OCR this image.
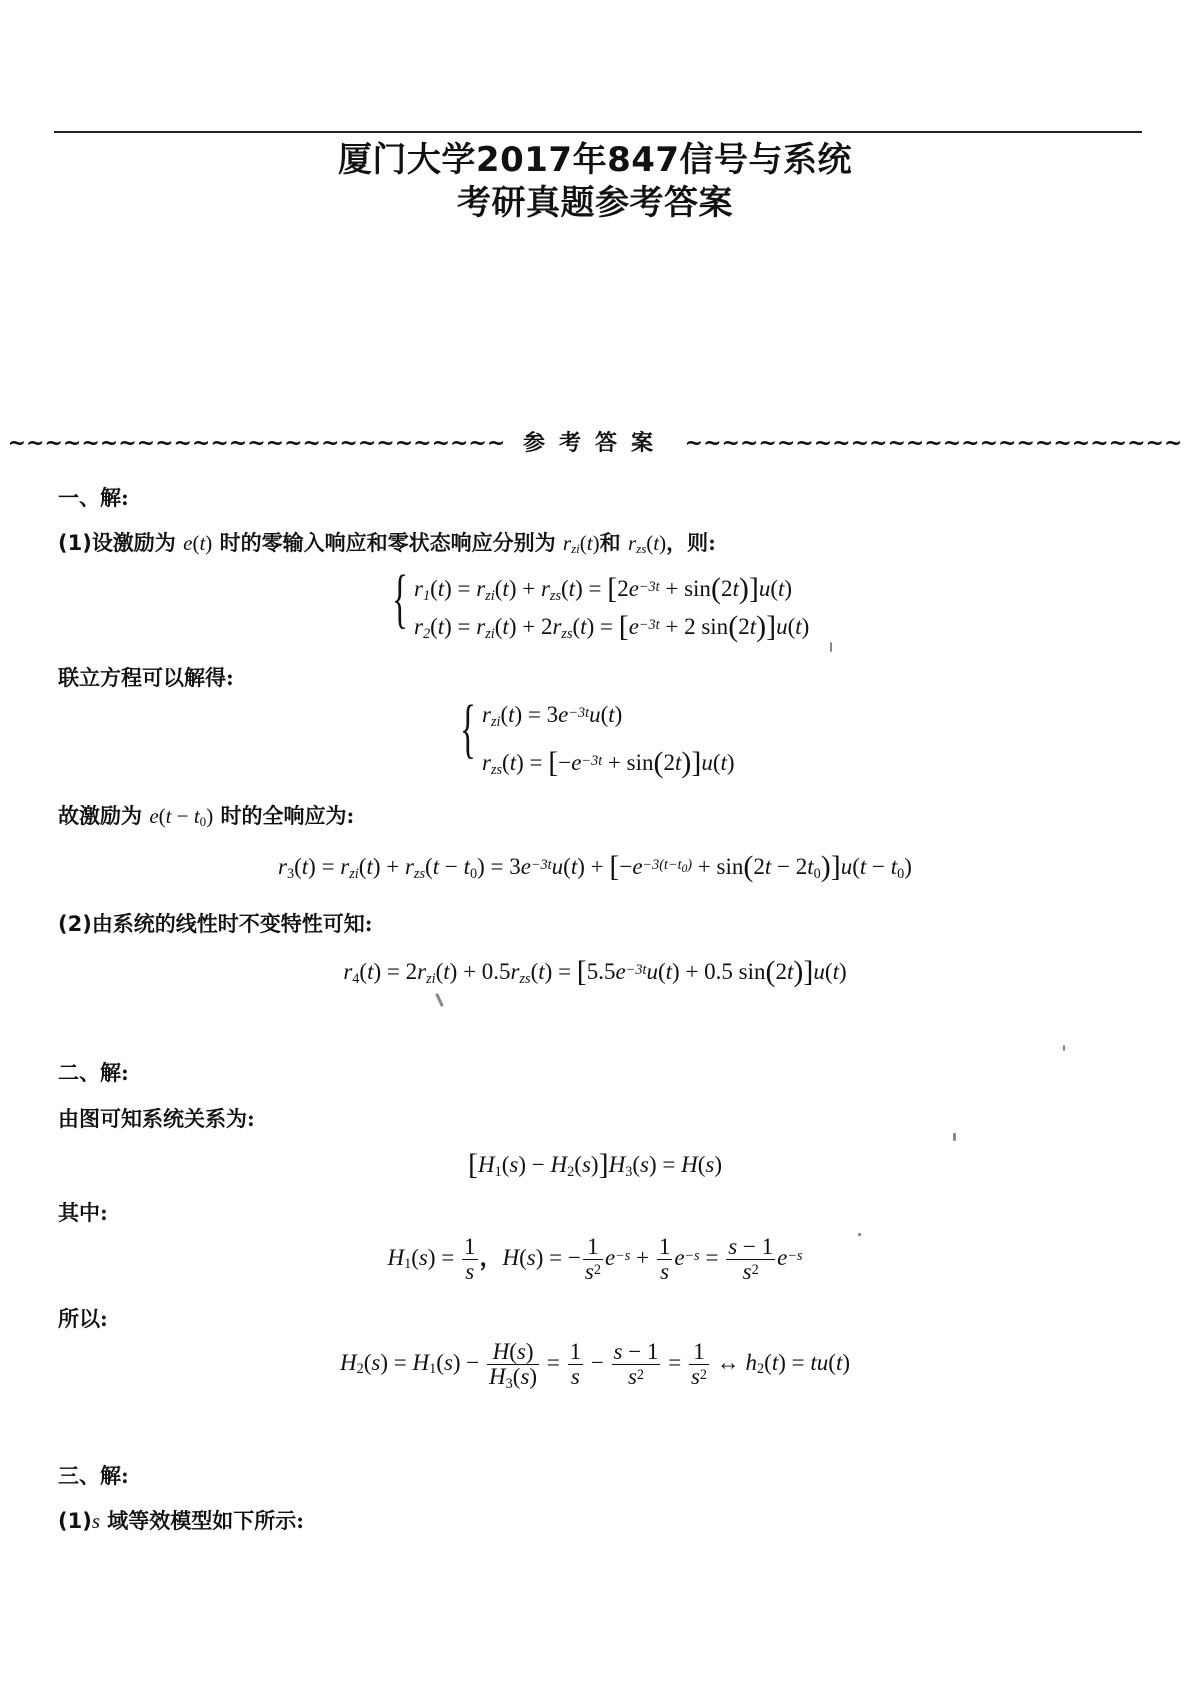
厦门大学2017年847信号与系统
考研真题参考答案
~~~~~~~~~~~~~~~~~~~~~~~~~~~ 参考答案 ~~~~~~~~~~~~~~~~~~~~~~~~~~~
一、解:
(1)设激励为 e(t) 时的零输入响应和零状态响应分别为 $r_{zi}(t)$和 $r_{zs}(t)$，则:
{ $r_1(t) = r_{zi}(t) + r_{zs}(t) = [2e^{-3t} + \sin(2t)]u(t)$
$r_2(t) = r_{zi}(t) + 2r_{zs}(t) = [e^{-3t} + 2$ sin(2t)]u(t)
联立方程可以解得:
{ $r_{zi}(t) = 3e^{-3t}u(t)$
$r_{zs}(t) = [-e^{-3t} + \sin(2t)]u(t)$
故激励为 $e(t - t_0)$ 时的全响应为:
$r_3(t) = r_{zi}(t) + r_{zs}(t - t_0) = 3e^{-3t}u(t) + [-e^{-3(t-t_0)} + \sin(2t - 2t_0)]u(t - t_0)$
(2)由系统的线性时不变特性可知:
$r_4(t) = 2r_{zi}(t) + 0.5r_{zs}(t) = [5.5e^{-3t}u(t) + 0.5$ sin(2t)]u(t)
二、解:
由图可知系统关系为:
$[H_1(s) - H_2(s)]H_3(s) = H(s)$
其中:
$H_1(s) = \frac{1}{s}$ ，H(s) = − $\frac{1}{s^2} e^{-s} + \frac{1}{s} e^{-s} = \frac{s - 1}{s^2} e^{-s}$
所以:
$H_2(s) = H_1(s) - \frac{H(s)}{H_3(s)} = \frac{1}{s} - \frac{s - 1}{s^2} = \frac{1}{s^2}$ ↔ $h_2(t) = tu(t)$
三、解:
(1)s 域等效模型如下所示:
